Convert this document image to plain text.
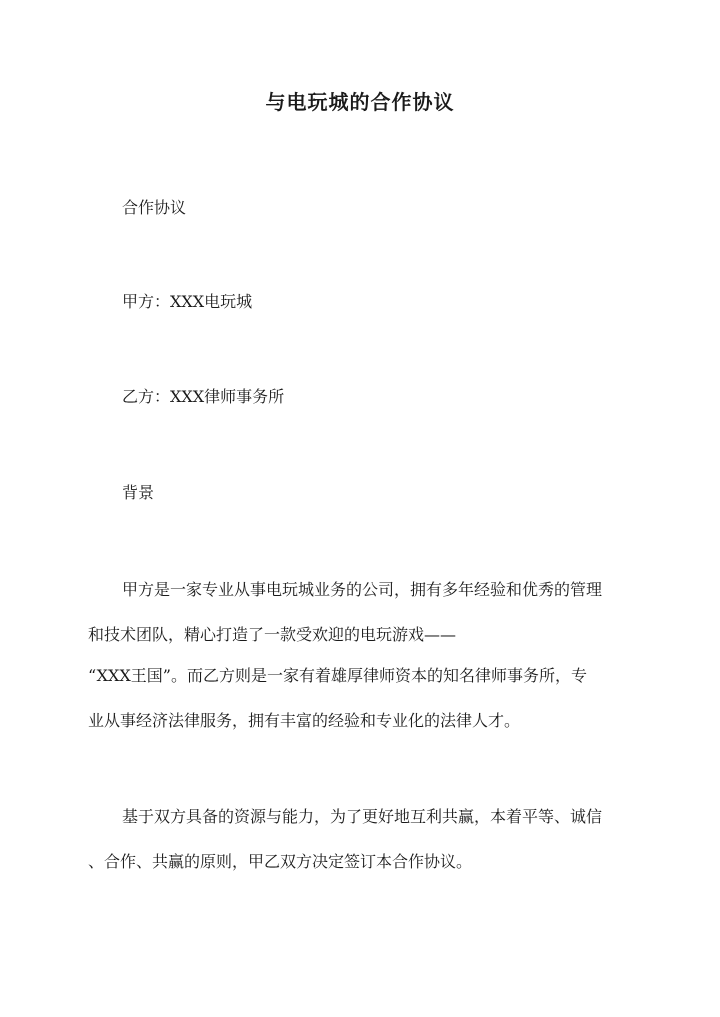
与电玩城的合作协议

合作协议

甲方：XXX电玩城

乙方：XXX律师事务所

背景

甲方是一家专业从事电玩城业务的公司，拥有多年经验和优秀的管理

和技术团队，精心打造了一款受欢迎的电玩游戏——

“XXX王国”。而乙方则是一家有着雄厚律师资本的知名律师事务所，专

业从事经济法律服务，拥有丰富的经验和专业化的法律人才。

基于双方具备的资源与能力，为了更好地互利共赢，本着平等、诚信

、合作、共赢的原则，甲乙双方决定签订本合作协议。
